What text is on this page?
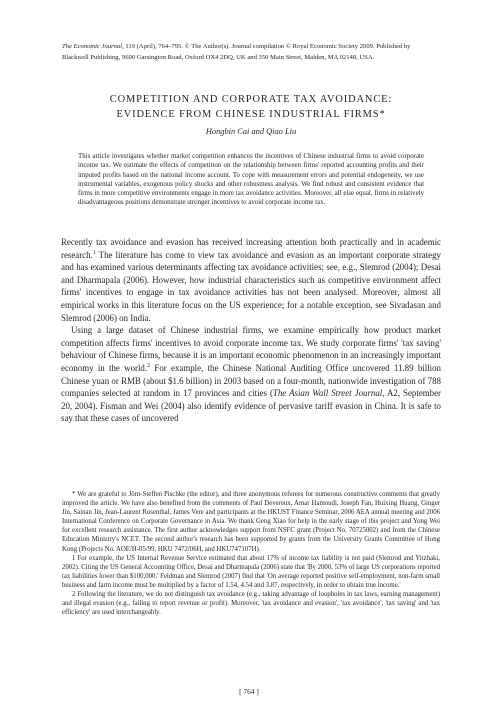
The Economic Journal, 119 (April), 764–795. © The Author(s). Journal compilation © Royal Economic Society 2009. Published by
Blackwell Publishing, 9600 Garsington Road, Oxford OX4 2DQ, UK and 350 Main Street, Malden, MA 02148, USA.
COMPETITION AND CORPORATE TAX AVOIDANCE:
EVIDENCE FROM CHINESE INDUSTRIAL FIRMS*
Hongbin Cai and Qiao Liu

This article investigates whether market competition enhances the incentives of Chinese industrial firms to avoid corporate income tax. We estimate the effects of competition on the relationship between firms' reported accounting profits and their imputed profits based on the national income account. To cope with measurement errors and potential endogeneity, we use instrumental variables, exogenous policy shocks and other robustness analysis. We find robust and consistent evidence that firms in more competitive environments engage in more tax avoidance activities. Moreover, all else equal, firms in relatively disadvantageous positions demonstrate stronger incentives to avoid corporate income tax.

Recently tax avoidance and evasion has received increasing attention both practically and in academic research.$^1$ The literature has come to view tax avoidance and evasion as an important corporate strategy and has examined various determinants affecting tax avoidance activities; see, e.g., Slemrod (2004); Desai and Dharmapala (2006). However, how industrial characteristics such as competitive environment affect firms' incentives to engage in tax avoidance activities has not been analysed. Moreover, almost all empirical works in this literature focus on the US experience; for a notable exception, see Sivadasan and Slemrod (2006) on India.

Using a large dataset of Chinese industrial firms, we examine empirically how product market competition affects firms' incentives to avoid corporate income tax. We study corporate firms' 'tax saving' behaviour of Chinese firms, because it is an important economic phenomenon in an increasingly important economy in the world.$^2$ For example, the Chinese National Auditing Office uncovered 11.89 billion Chinese yuan or RMB (about $1.6 billion) in 2003 based on a four-month, nationwide investigation of 788 companies selected at random in 17 provinces and cities (The Asian Wall Street Journal, A2, September 20, 2004). Fisman and Wei (2004) also identify evidence of pervasive tariff evasion in China. It is safe to say that these cases of uncovered

* We are grateful to Jörn-Steffen Pischke (the editor), and three anonymous referees for numerous constructive comments that greatly improved the article. We have also benefited from the comments of Paul Devereux, Amar Hamoudi, Joseph Fan, Huixing Huang, Ginger Jin, Sainan Jin, Jean-Laurent Rosenthal, James Vere and participants at the HKUST Finance Seminar, 2006 AEA annual meeting and 2006 International Conference on Corporate Governance in Asia. We thank Geng Xiao for help in the early stage of this project and Yong Wei for excellent research assistance. The first author acknowledges support from NSFC grant (Project No. 70725002) and from the Chinese Education Ministry's NCET. The second author's research has been supported by grants from the University Grants Committee of Hong Kong (Projects No. AOE/H-05/99, HKU 7472/06H, and HKU747107H).

1 For example, the US Internal Revenue Service estimated that about 17% of income tax liability is not paid (Slemrod and Yitzhaki, 2002). Citing the US General Accounting Office, Desai and Dharmapala (2006) state that 'By 2000, 53% of large US corporations reported tax liabilities lower than $100,000.' Feldman and Slemrod (2007) find that 'On average reported positive self-employment, non-farm small business and farm income must be multiplied by a factor of 1.54, 4.54 and 3.87, respectively, in order to obtain true income.'

2 Following the literature, we do not distinguish tax avoidance (e.g., taking advantage of loopholes in tax laws, earning management) and illegal evasion (e.g., failing to report revenue or profit). Moreover, 'tax avoidance and evasion', 'tax avoidance', 'tax saving' and 'tax efficiency' are used interchangeably.

[ 764 ]
